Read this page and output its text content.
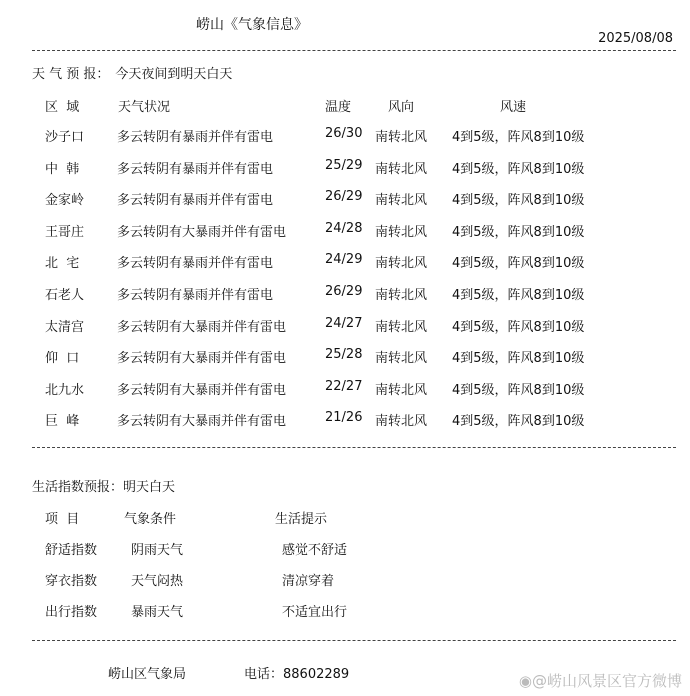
崂山《气象信息》
2025/08/08
天 气 预 报： 今天夜间到明天白天
区  域	天气状况	温度	风向	风速
沙子口	多云转阴有暴雨并伴有雷电	26/30 南转北风 4到5级，阵风8到10级
中  韩	多云转阴有暴雨并伴有雷电	25/29 南转北风 4到5级，阵风8到10级
金家岭	多云转阴有暴雨并伴有雷电	26/29 南转北风 4到5级，阵风8到10级
王哥庄	多云转阴有大暴雨并伴有雷电	24/28 南转北风 4到5级，阵风8到10级
北  宅	多云转阴有暴雨并伴有雷电	24/29 南转北风 4到5级，阵风8到10级
石老人	多云转阴有暴雨并伴有雷电	26/29 南转北风 4到5级，阵风8到10级
太清宫	多云转阴有大暴雨并伴有雷电	24/27 南转北风 4到5级，阵风8到10级
仰  口	多云转阴有大暴雨并伴有雷电	25/28 南转北风 4到5级，阵风8到10级
北九水	多云转阴有大暴雨并伴有雷电	22/27 南转北风 4到5级，阵风8到10级
巨  峰	多云转阴有大暴雨并伴有雷电	21/26 南转北风 4到5级，阵风8到10级
生活指数预报：明天白天
项  目	气象条件	生活提示
舒适指数	阴雨天气	感觉不舒适
穿衣指数	天气闷热	清凉穿着
出行指数	暴雨天气	不适宜出行
崂山区气象局	电话：88602289	◉@崂山风景区官方微博
